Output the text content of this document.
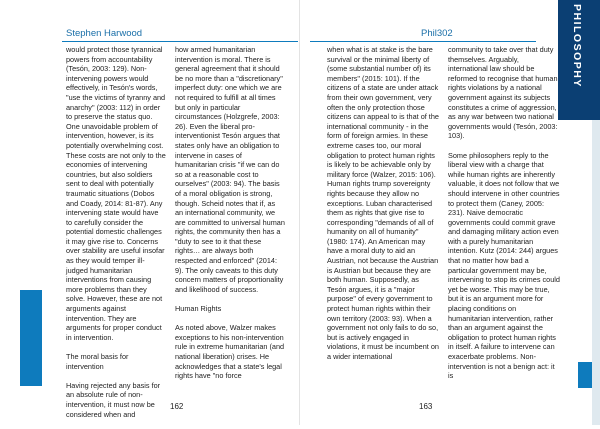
Stephen Harwood

would protect those tyrannical powers from accountability (Tesón, 2003: 129). Non-intervening powers would effectively, in Tesón's words, "use the victims of tyranny and anarchy" (2003: 112) in order to preserve the status quo. One unavoidable problem of intervention, however, is its potentially overwhelming cost. These costs are not only to the economies of intervening countries, but also soldiers sent to deal with potentially traumatic situations (Dobos and Coady, 2014: 81-87). Any intervening state would have to carefully consider the potential domestic challenges it may give rise to. Concerns over stability are useful insofar as they would temper ill-judged humanitarian interventions from causing more problems than they solve. However, these are not arguments against intervention. They are arguments for proper conduct in intervention.

The moral basis for intervention

Having rejected any basis for an absolute rule of non-intervention, it must now be considered when and

how armed humanitarian intervention is moral. There is general agreement that it should be no more than a "discretionary" imperfect duty: one which we are not required to fulfill at all times but only in particular circumstances (Holzgrefe, 2003: 26). Even the liberal pro-interventionist Tesón argues that states only have an obligation to intervene in cases of humanitarian crisis "if we can do so at a reasonable cost to ourselves" (2003: 94). The basis of a moral obligation is strong, though. Scheid notes that if, as an international community, we are committed to universal human rights, the community then has a "duty to see to it that these rights… are always both respected and enforced" (2014: 9). The only caveats to this duty concern matters of proportionality and likelihood of success.

Human Rights

As noted above, Walzer makes exceptions to his non-intervention rule in extreme humanitarian (and national liberation) crises. He acknowledges that a state's legal rights have "no force

162
Phil302	PHILOSOPHY

when what is at stake is the bare survival or the minimal liberty of (some substantial number of) its members" (2015: 101). If the citizens of a state are under attack from their own government, very often the only protection those citizens can appeal to is that of the international community - in the form of foreign armies. In these extreme cases too, our moral obligation to protect human rights is likely to be achievable only by military force (Walzer, 2015: 106). Human rights trump sovereignty rights because they allow no exceptions. Luban characterised them as rights that give rise to corresponding "demands of all of humanity on all of humanity" (1980: 174). An American may have a moral duty to aid an Austrian, not because the Austrian is Austrian but because they are both human. Supposedly, as Tesón argues, it is a "major purpose" of every government to protect human rights within their own territory (2003: 93). When a government not only fails to do so, but is actively engaged in violations, it must be incumbent on a wider international

community to take over that duty themselves. Arguably, international law should be reformed to recognise that human rights violations by a national government against its subjects constitutes a crime of aggression, as any war between two national governments would (Tesón, 2003: 103).

Some philosophers reply to the liberal view with a charge that while human rights are inherently valuable, it does not follow that we should intervene in other countries to protect them (Caney, 2005: 231). Naive democratic governments could commit grave and damaging military action even with a purely humanitarian intention. Kutz (2014: 244) argues that no matter how bad a particular government may be, intervening to stop its crimes could yet be worse. This may be true, but it is an argument more for placing conditions on humanitarian intervention, rather than an argument against the obligation to protect human rights in itself. A failure to intervene can exacerbate problems. Non-intervention is not a benign act: it is

163
